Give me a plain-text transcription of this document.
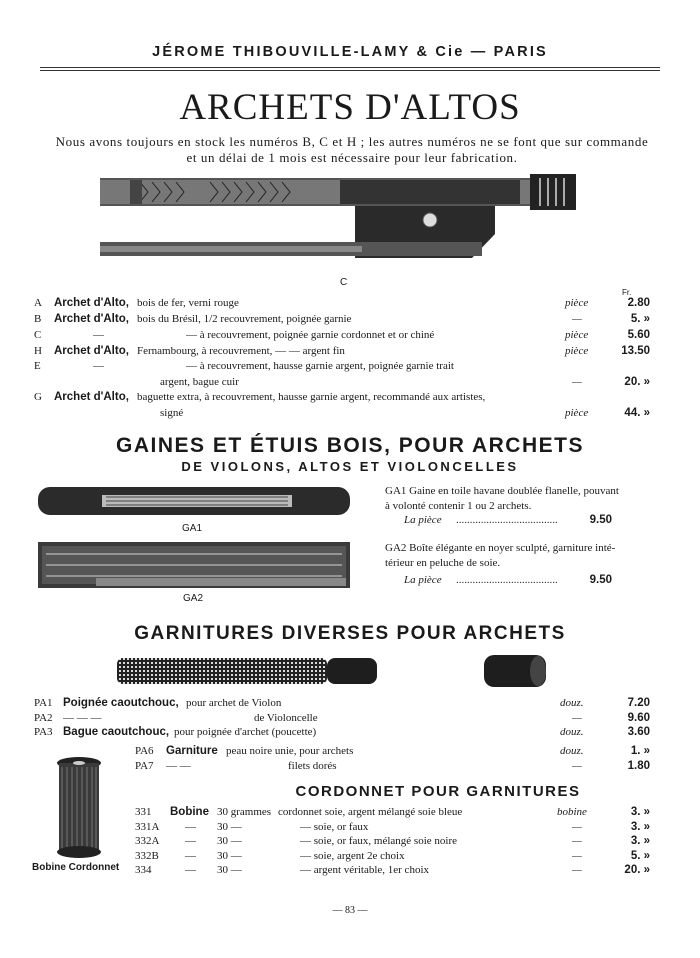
JÉROME THIBOUVILLE-LAMY & Cie — PARIS
ARCHETS D'ALTOS
Nous avons toujours en stock les numéros B, C et H ; les autres numéros ne se font que sur commande et un délai de 1 mois est nécessaire pour leur fabrication.
C
Fr.
A Archet d'Alto, bois de fer, verni rouge	pièce	2.80
B Archet d'Alto, bois du Brésil, 1/2 recouvrement, poignée garnie	—	5. »
C	—	— à recouvrement, poignée garnie cordonnet et or chiné	pièce	5.60
H Archet d'Alto, Fernambourg, à recouvrement, — — argent fin	pièce	13.50
E	—	— à recouvrement, hausse garnie argent, poignée garnie trait
argent, bague cuir	—	20. »
G Archet d'Alto, baguette extra, à recouvrement, hausse garnie argent, recommandé aux artistes,
signé	pièce	44. »
GAINES ET ÉTUIS BOIS, POUR ARCHETS
DE VIOLONS, ALTOS ET VIOLONCELLES
GA1
GA2
GA1 Gaine en toile havane doublée flanelle, pouvant
à volonté contenir 1 ou 2 archets.
La pièce .....................................	9.50
GA2 Boîte élégante en noyer sculpté, garniture inté-
térieur en peluche de soie.
La pièce .....................................	9.50
GARNITURES DIVERSES POUR ARCHETS
PA1 Poignée caoutchouc, pour archet de Violon	douz.	7.20
PA2 — — —	de Violoncelle	—	9.60
PA3 Bague caoutchouc, pour poignée d'archet (poucette)	douz.	3.60
PA6 Garniture peau noire unie, pour archets	douz.	1. »
PA7 — —	filets dorés	—	1.80
CORDONNET POUR GARNITURES
Bobine Cordonnet
331 Bobine 30 grammes cordonnet soie, argent mélangé soie bleue	bobine	3. »
331A — 30 —	— soie, or faux	—	3. »
332A — 30 —	— soie, or faux, mélangé soie noire	—	3. »
332B — 30 —	— soie, argent 2e choix	—	5. »
334	— 30 —	— argent véritable, 1er choix	—	20. »
— 83 —
